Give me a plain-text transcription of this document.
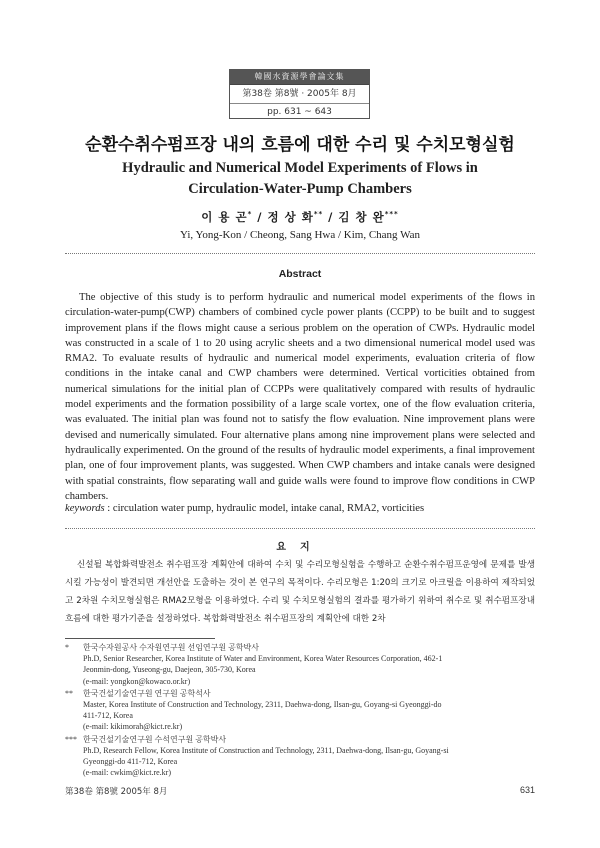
韓國水資源學會論文集
第38卷 第8號 · 2005年 8月
pp. 631 ~ 643
순환수취수펌프장 내의 흐름에 대한 수리 및 수치모형실험
Hydraulic and Numerical Model Experiments of Flows in
Circulation-Water-Pump Chambers
이 용 곤* / 정 상 화** / 김 창 완***
Yi, Yong-Kon / Cheong, Sang Hwa / Kim, Chang Wan
Abstract

The objective of this study is to perform hydraulic and numerical model experiments of the flows in circulation-water-pump(CWP) chambers of combined cycle power plants (CCPP) to be built and to suggest improvement plans if the flows might cause a serious problem on the operation of CWPs. Hydraulic model was constructed in a scale of 1 to 20 using acrylic sheets and a two dimensional numerical model used was RMA2. To evaluate results of hydraulic and numerical model experiments, evaluation criteria of flow conditions in the intake canal and CWP chambers were determined. Vertical vorticities obtained from numerical simulations for the initial plan of CCPPs were qualitatively compared with results of hydraulic model experiments and the formation possibility of a large scale vortex, one of the flow evaluation criteria, was evaluated. The initial plan was found not to satisfy the flow evaluation. Nine improvement plans were devised and numerically simulated. Four alternative plans among nine improvement plans were selected and hydraulically experimented. On the ground of the results of hydraulic model experiments, a final improvement plan, one of four improvement plants, was suggested. When CWP chambers and intake canals were designed with spatial constraints, flow separating wall and guide walls were found to improve flow conditions in CWP chambers.

keywords : circulation water pump, hydraulic model, intake canal, RMA2, vorticities
요지

신설될 복합화력발전소 취수펌프장 계획안에 대하여 수치 및 수리모형실험을 수행하고 순환수취수펌프운영에 문제를 발생시킬 가능성이 발견되면 개선안을 도출하는 것이 본 연구의 목적이다. 수리모형은 1:20의 크기로 아크릴을 이용하여 제작되었고 2차원 수치모형실험은 RMA2모형을 이용하였다. 수리 및 수치모형실험의 결과를 평가하기 위하여 취수로 및 취수펌프장내 흐름에 대한 평가기준을 설정하였다. 복합화력발전소 취수펌프장의 계획안에 대한 2차

* 한국수자원공사 수자원연구원 선임연구원 공학박사
Ph.D, Senior Researcher, Korea Institute of Water and Environment, Korea Water Resources Corporation, 462-1
Jeonmin-dong, Yuseong-gu, Daejeon, 305-730, Korea
(e-mail: yongkon@kowaco.or.kr)
** 한국건설기술연구원 연구원 공학석사
Master, Korea Institute of Construction and Technology, 2311, Daehwa-dong, Ilsan-gu, Goyang-si Gyeonggi-do
411-712, Korea
(e-mail: kikimorah@kict.re.kr)
*** 한국건설기술연구원 수석연구원 공학박사
Ph.D, Research Fellow, Korea Institute of Construction and Technology, 2311, Daehwa-dong, Ilsan-gu, Goyang-si
Gyeonggi-do 411-712, Korea
(e-mail: cwkim@kict.re.kr)
第38卷 第8號 2005年 8月	631
